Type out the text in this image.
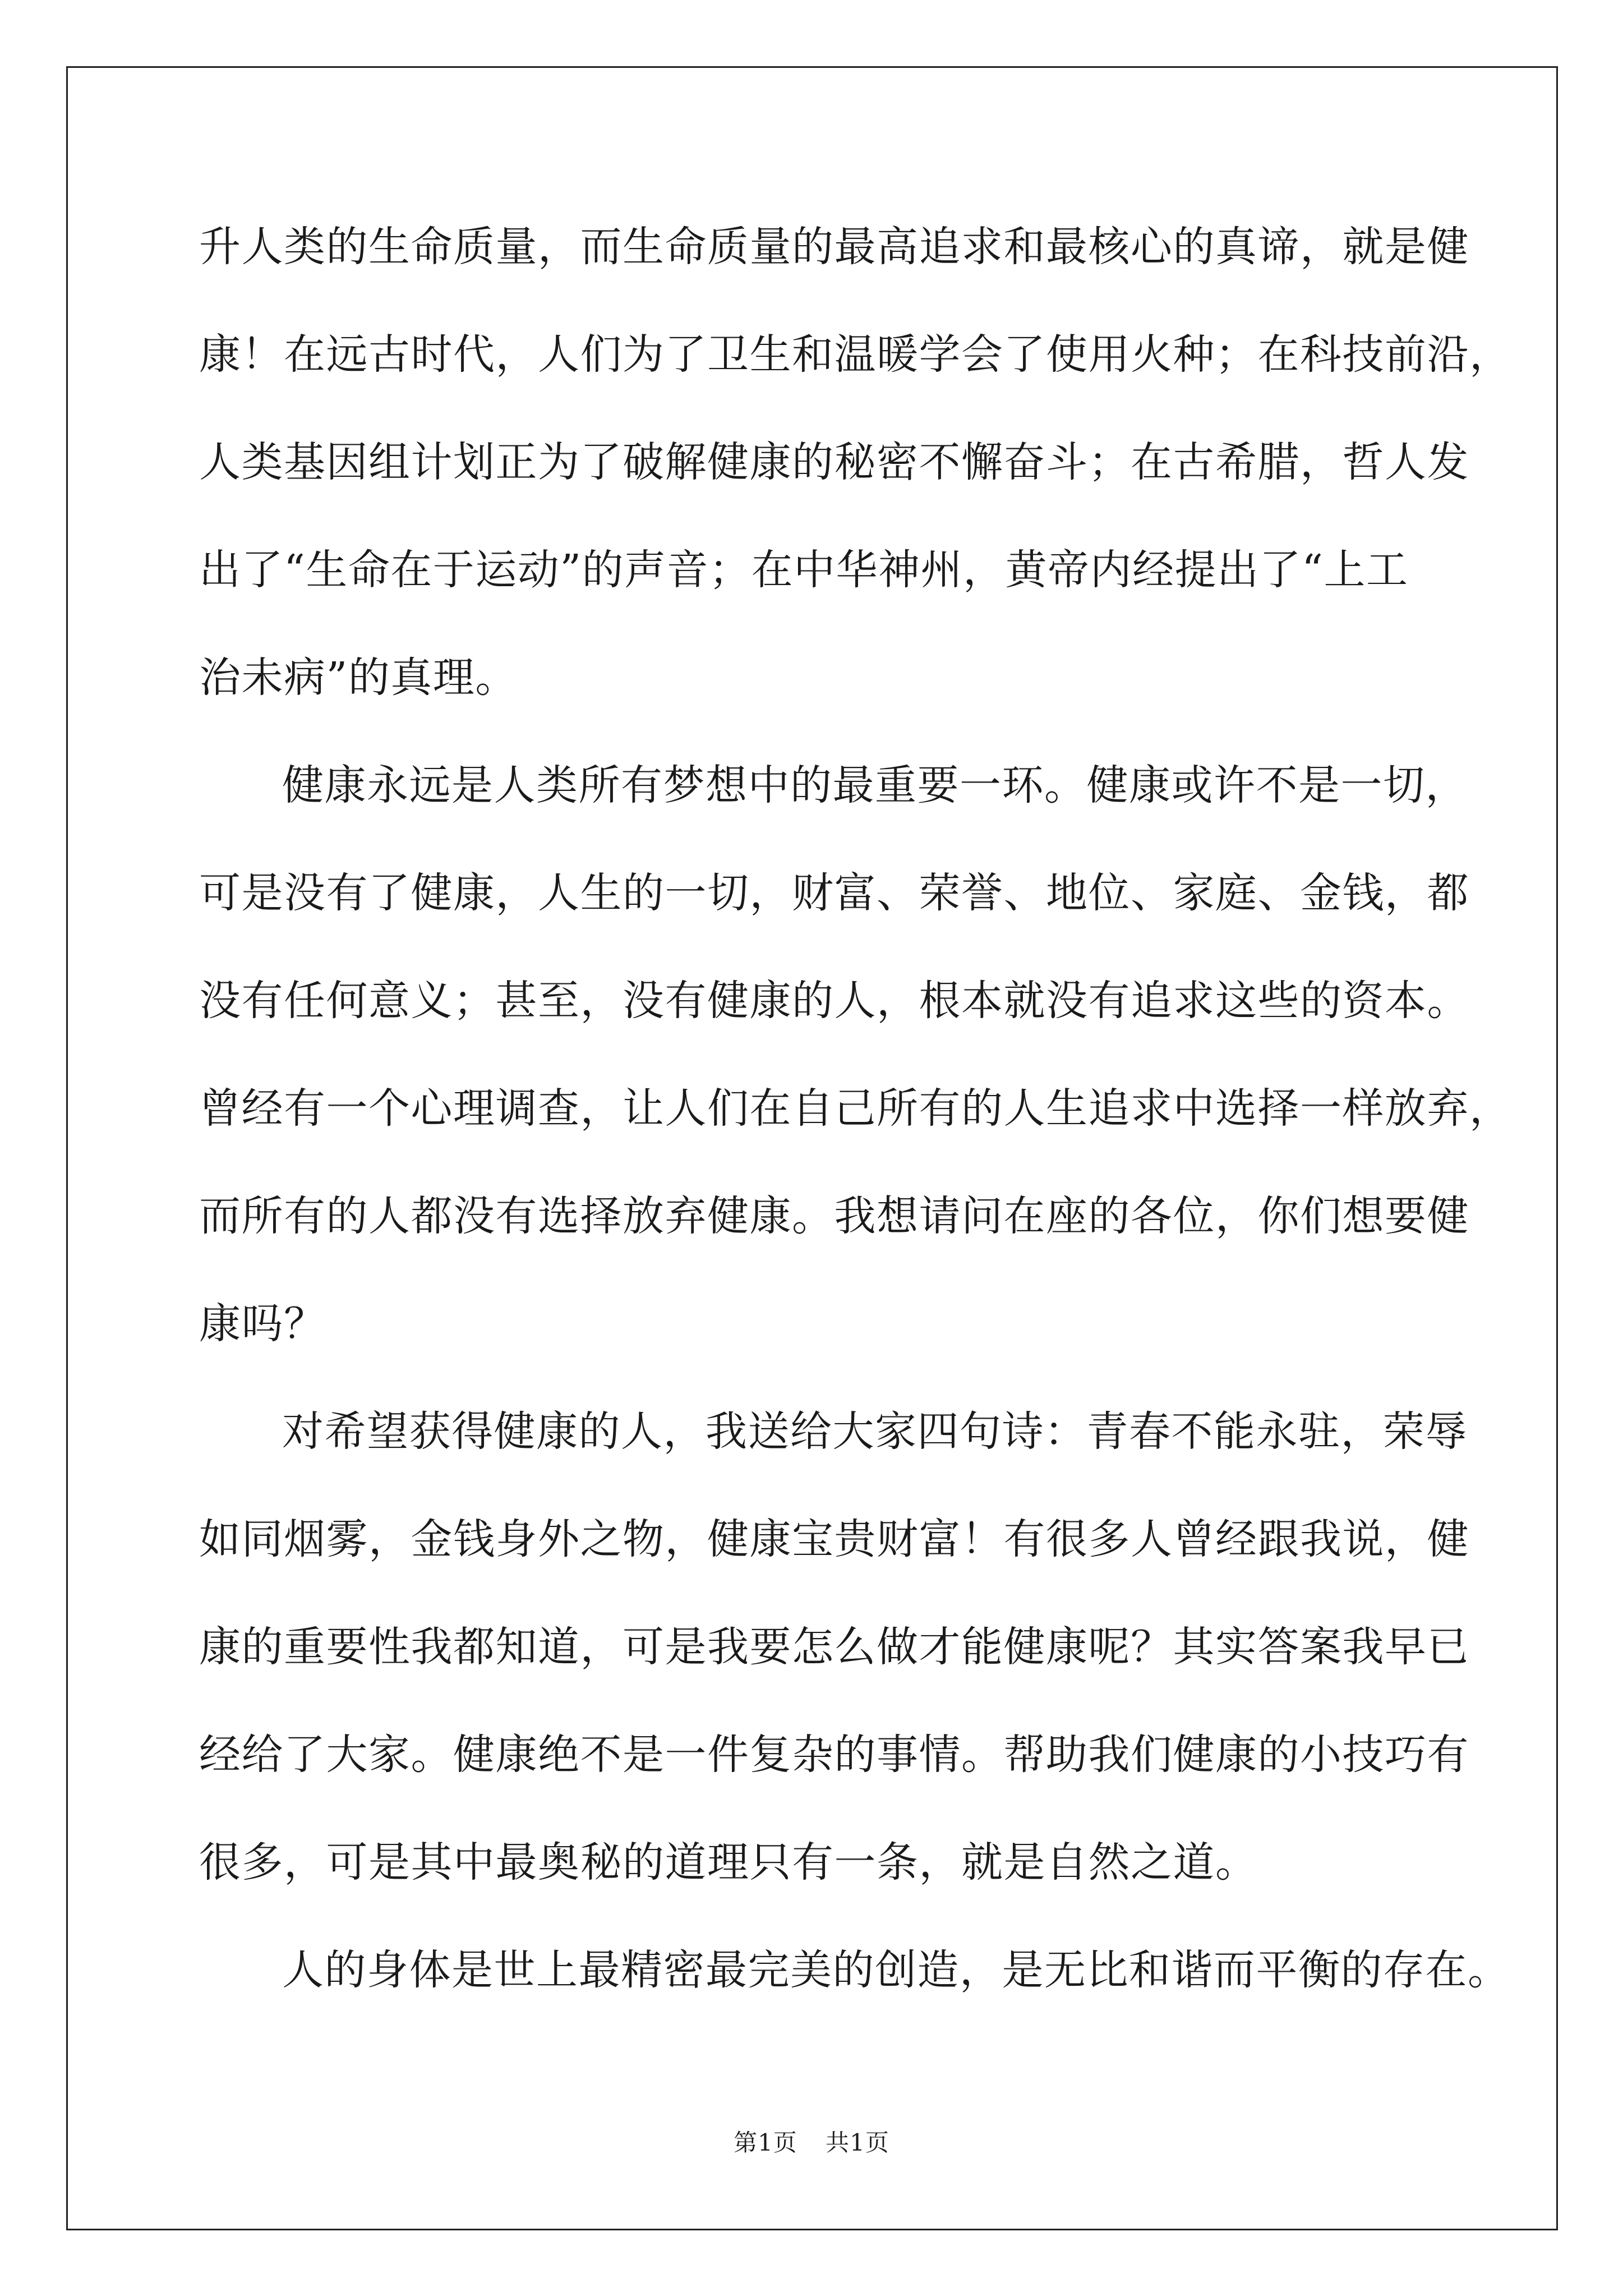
升人类的生命质量，而生命质量的最高追求和最核心的真谛，就是健
康！在远古时代，人们为了卫生和温暖学会了使用火种；在科技前沿，
人类基因组计划正为了破解健康的秘密不懈奋斗；在古希腊，哲人发
出了“生命在于运动”的声音；在中华神州，黄帝内经提出了“上工
治未病”的真理。
健康永远是人类所有梦想中的最重要一环。健康或许不是一切，
可是没有了健康，人生的一切，财富、荣誉、地位、家庭、金钱，都
没有任何意义；甚至，没有健康的人，根本就没有追求这些的资本。
曾经有一个心理调查，让人们在自己所有的人生追求中选择一样放弃，
而所有的人都没有选择放弃健康。我想请问在座的各位，你们想要健
康吗？
对希望获得健康的人，我送给大家四句诗：青春不能永驻，荣辱
如同烟雾，金钱身外之物，健康宝贵财富！有很多人曾经跟我说，健
康的重要性我都知道，可是我要怎么做才能健康呢？其实答案我早已
经给了大家。健康绝不是一件复杂的事情。帮助我们健康的小技巧有
很多，可是其中最奥秘的道理只有一条，就是自然之道。
人的身体是世上最精密最完美的创造，是无比和谐而平衡的存在。
第1页 共1页
